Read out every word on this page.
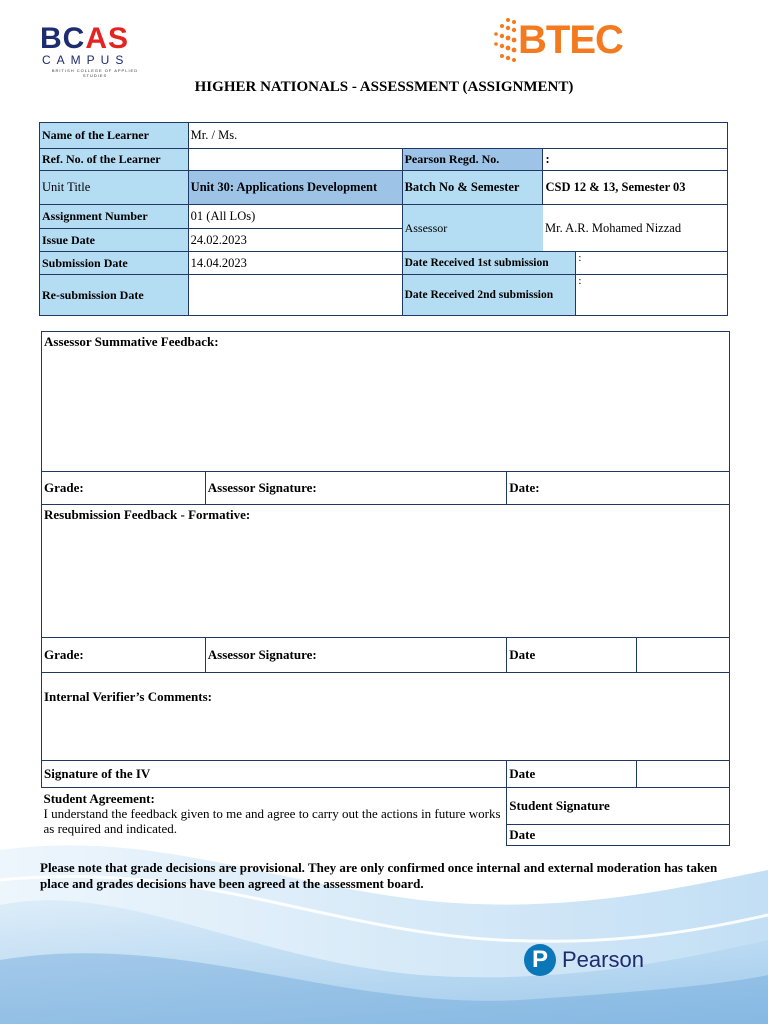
BCAS
CAMPUS
BRITISH COLLEGE OF APPLIED STUDIES
BTEC
HIGHER NATIONALS - ASSESSMENT (ASSIGNMENT)
Name of the Learner	Mr. / Ms.			
Ref. No. of the Learner		Pearson Regd. No.	:	
Unit Title	Unit 30: Applications Development	Batch No & Semester	CSD 12 & 13, Semester 03	
Assignment Number	01 (All LOs)	Assessor	Mr. A.R. Mohamed Nizzad	
Issue Date	24.02.2023			
Submission Date	14.04.2023	Date Received 1st submission		:
Re-submission Date		Date Received 2nd submission		:
Assessor Summative Feedback:			
Grade:	Assessor Signature:	Date:	
Resubmission Feedback - Formative:			
Grade:	Assessor Signature:	Date	
Internal Verifier’s Comments:			
Signature of the IV		Date	

Student Agreement:
I understand the feedback given to me and agree to carry out the actions in future works as required and indicated.		Student Signature	
		Date	
Please note that grade decisions are provisional. They are only confirmed once internal and external moderation has taken place and grades decisions have been agreed at the assessment board.
P Pearson
